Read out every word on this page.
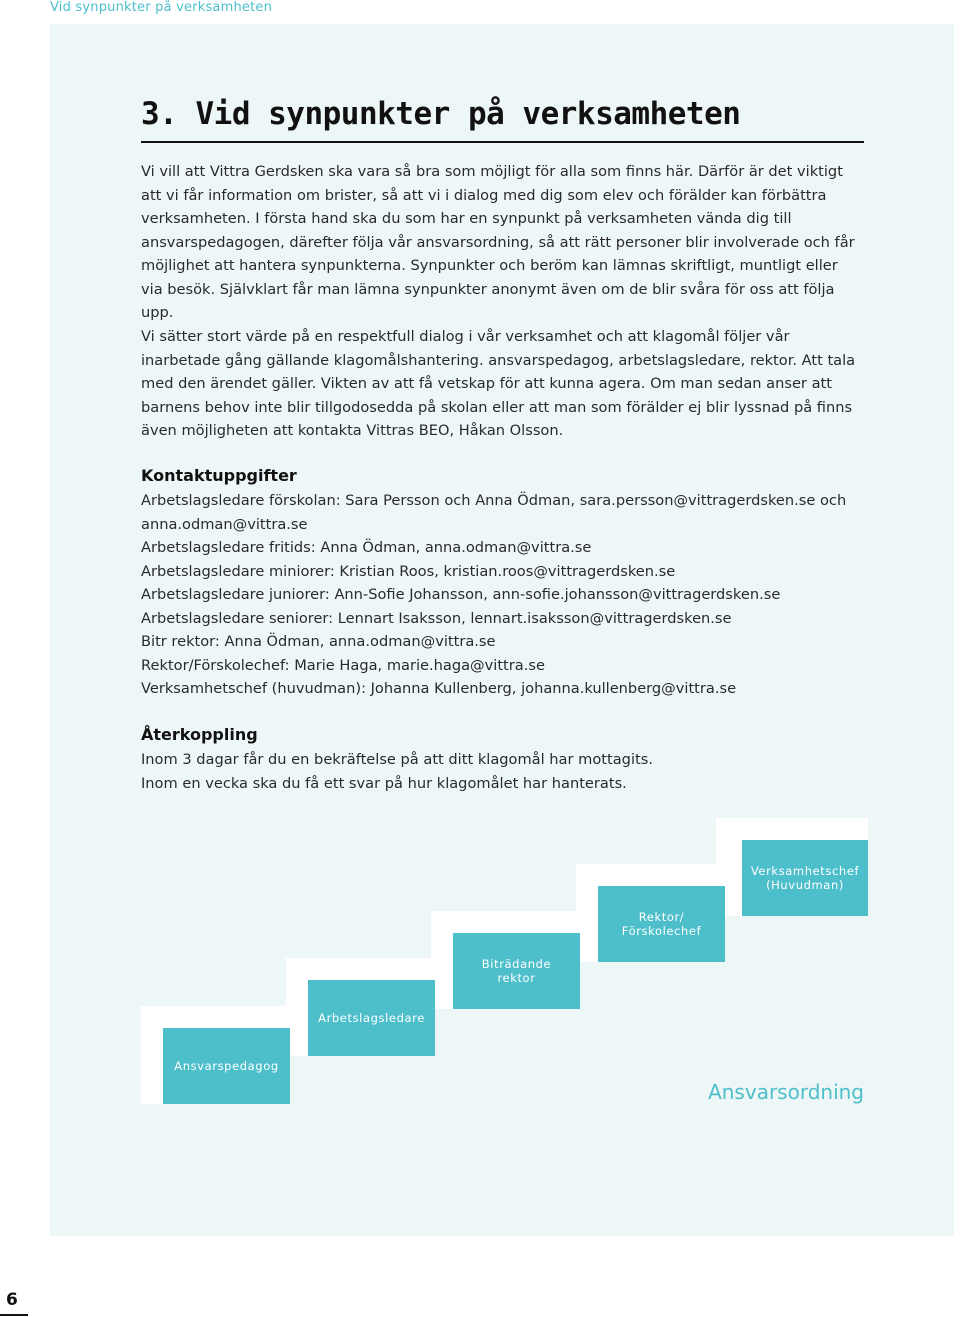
Vid synpunkter på verksamheten
3. Vid synpunkter på verksamheten

Vi vill att Vittra Gerdsken ska vara så bra som möjligt för alla som finns här. Därför är det viktigt att vi får information om brister, så att vi i dialog med dig som elev och förälder kan förbättra verksamheten. I första hand ska du som har en synpunkt på verksamheten vända dig till ansvarspedagogen, därefter följa vår ansvarsordning, så att rätt personer blir involverade och får möjlighet att hantera synpunkterna. Synpunkter och beröm kan lämnas skriftligt, muntligt eller via besök. Självklart får man lämna synpunkter anonymt även om de blir svåra för oss att följa upp.

Vi sätter stort värde på en respektfull dialog i vår verksamhet och att klagomål följer vår inarbetade gång gällande klagomålshantering. ansvarspedagog, arbetslagsledare, rektor. Att tala med den ärendet gäller. Vikten av att få vetskap för att kunna agera. Om man sedan anser att barnens behov inte blir tillgodosedda på skolan eller att man som förälder ej blir lyssnad på finns även möjligheten att kontakta Vittras BEO, Håkan Olsson.

Kontaktuppgifter
Arbetslagsledare förskolan: Sara Persson och Anna Ödman, sara.persson@vittragerdsken.se och
anna.odman@vittra.se
Arbetslagsledare fritids: Anna Ödman, anna.odman@vittra.se
Arbetslagsledare miniorer: Kristian Roos, kristian.roos@vittragerdsken.se
Arbetslagsledare juniorer: Ann-Sofie Johansson, ann-sofie.johansson@vittragerdsken.se
Arbetslagsledare seniorer: Lennart Isaksson, lennart.isaksson@vittragerdsken.se
Bitr rektor: Anna Ödman, anna.odman@vittra.se
Rektor/Förskolechef: Marie Haga, marie.haga@vittra.se
Verksamhetschef (huvudman): Johanna Kullenberg, johanna.kullenberg@vittra.se
Återkoppling
Inom 3 dagar får du en bekräftelse på att ditt klagomål har mottagits.
Inom en vecka ska du få ett svar på hur klagomålet har hanterats.
Ansvarspedagog
Arbetslagsledare
Biträdande
rektor
Rektor/
Förskolechef
Verksamhetschef
(Huvudman)
Ansvarsordning
6
